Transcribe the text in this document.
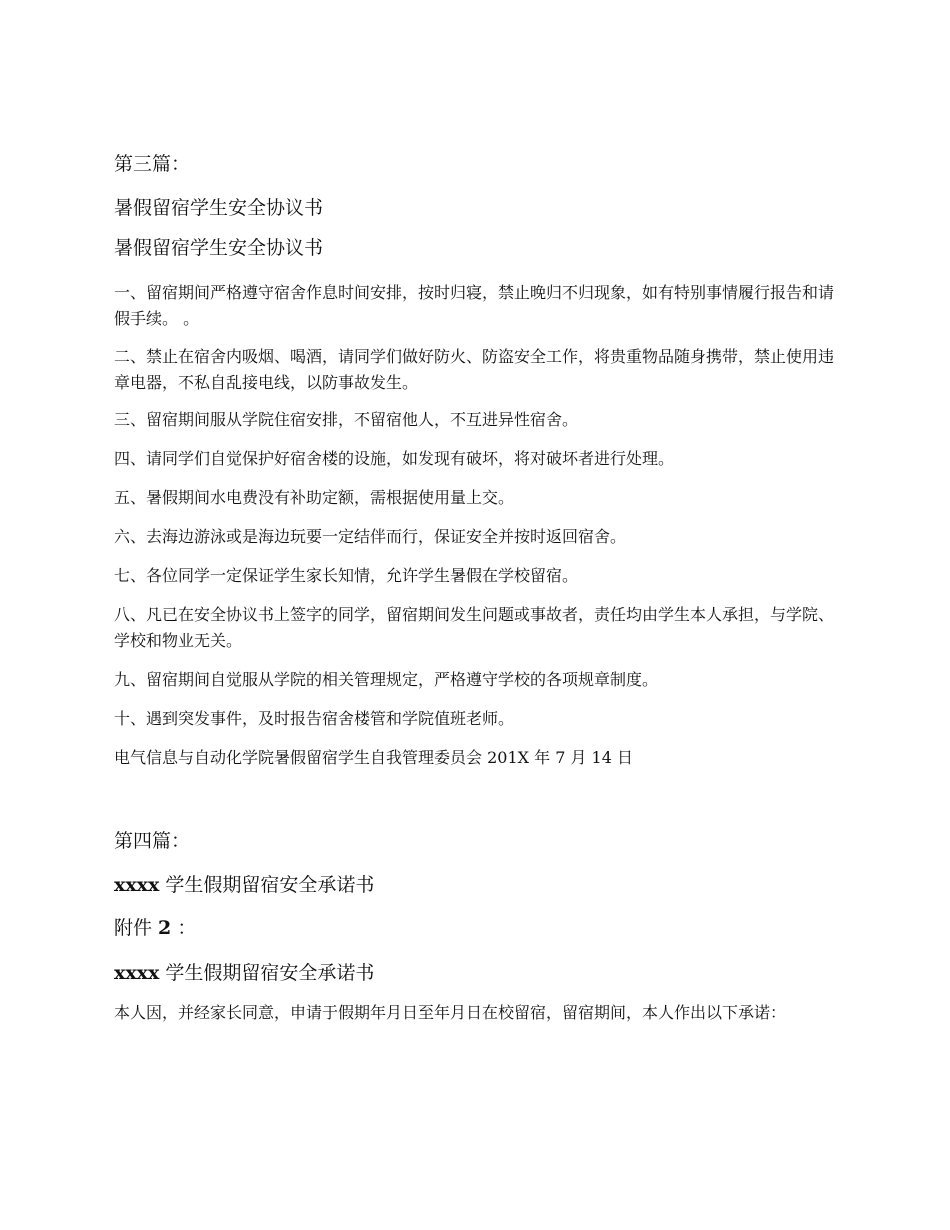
第三篇：
暑假留宿学生安全协议书
暑假留宿学生安全协议书
一、留宿期间严格遵守宿舍作息时间安排，按时归寝，禁止晚归不归现象，如有特别事情履行报告和请假手续。 。
二、禁止在宿舍内吸烟、喝酒，请同学们做好防火、防盗安全工作，将贵重物品随身携带，禁止使用违章电器，不私自乱接电线，以防事故发生。
三、留宿期间服从学院住宿安排，不留宿他人，不互进异性宿舍。
四、请同学们自觉保护好宿舍楼的设施，如发现有破坏，将对破坏者进行处理。
五、暑假期间水电费没有补助定额，需根据使用量上交。
六、去海边游泳或是海边玩要一定结伴而行，保证安全并按时返回宿舍。
七、各位同学一定保证学生家长知情，允许学生暑假在学校留宿。
八、凡已在安全协议书上签字的同学，留宿期间发生问题或事故者，责任均由学生本人承担，与学院、学校和物业无关。
九、留宿期间自觉服从学院的相关管理规定，严格遵守学校的各项规章制度。
十、遇到突发事件，及时报告宿舍楼管和学院值班老师。
电气信息与自动化学院暑假留宿学生自我管理委员会 201X 年 7 月 14 日
第四篇：
xxxx 学生假期留宿安全承诺书
附件 2 ：
xxxx 学生假期留宿安全承诺书
本人因，并经家长同意，申请于假期年月日至年月日在校留宿，留宿期间，本人作出以下承诺：
